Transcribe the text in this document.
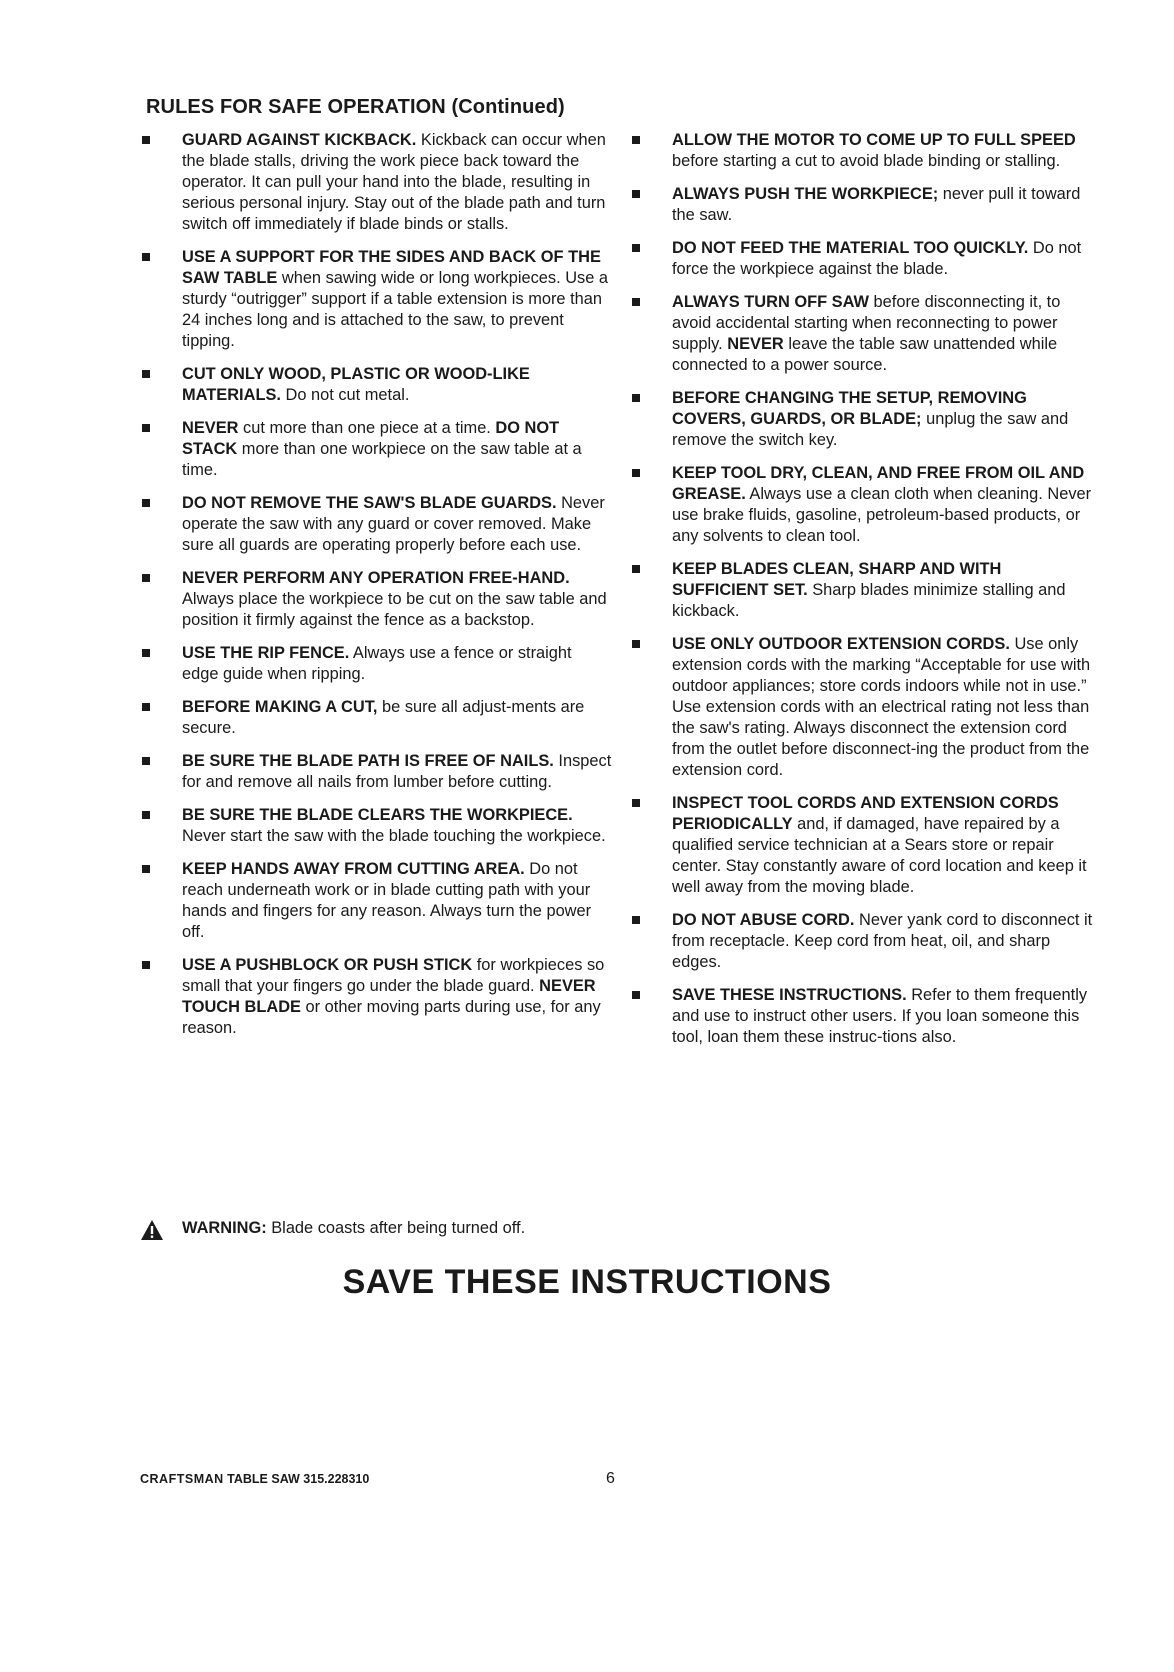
RULES FOR SAFE OPERATION (Continued)

GUARD AGAINST KICKBACK. Kickback can occur when the blade stalls, driving the work piece back toward the operator. It can pull your hand into the blade, resulting in serious personal injury. Stay out of the blade path and turn switch off immediately if blade binds or stalls.

USE A SUPPORT FOR THE SIDES AND BACK OF THE SAW TABLE when sawing wide or long workpieces. Use a sturdy “outrigger” support if a table extension is more than 24 inches long and is attached to the saw, to prevent tipping.

CUT ONLY WOOD, PLASTIC OR WOOD-LIKE MATERIALS. Do not cut metal.

NEVER cut more than one piece at a time. DO NOT STACK more than one workpiece on the saw table at a time.

DO NOT REMOVE THE SAW'S BLADE GUARDS. Never operate the saw with any guard or cover removed. Make sure all guards are operating properly before each use.

NEVER PERFORM ANY OPERATION FREE-HAND. Always place the workpiece to be cut on the saw table and position it firmly against the fence as a backstop.

USE THE RIP FENCE. Always use a fence or straight edge guide when ripping.

BEFORE MAKING A CUT, be sure all adjust-ments are secure.

BE SURE THE BLADE PATH IS FREE OF NAILS. Inspect for and remove all nails from lumber before cutting.

BE SURE THE BLADE CLEARS THE WORKPIECE. Never start the saw with the blade touching the workpiece.

KEEP HANDS AWAY FROM CUTTING AREA. Do not reach underneath work or in blade cutting path with your hands and fingers for any reason. Always turn the power off.

USE A PUSHBLOCK OR PUSH STICK for workpieces so small that your fingers go under the blade guard. NEVER TOUCH BLADE or other moving parts during use, for any reason.

ALLOW THE MOTOR TO COME UP TO FULL SPEED before starting a cut to avoid blade binding or stalling.

ALWAYS PUSH THE WORKPIECE; never pull it toward the saw.

DO NOT FEED THE MATERIAL TOO QUICKLY. Do not force the workpiece against the blade.

ALWAYS TURN OFF SAW before disconnecting it, to avoid accidental starting when reconnecting to power supply. NEVER leave the table saw unattended while connected to a power source.

BEFORE CHANGING THE SETUP, REMOVING COVERS, GUARDS, OR BLADE; unplug the saw and remove the switch key.

KEEP TOOL DRY, CLEAN, AND FREE FROM OIL AND GREASE. Always use a clean cloth when cleaning. Never use brake fluids, gasoline, petroleum-based products, or any solvents to clean tool.

KEEP BLADES CLEAN, SHARP AND WITH SUFFICIENT SET. Sharp blades minimize stalling and kickback.

USE ONLY OUTDOOR EXTENSION CORDS. Use only extension cords with the marking “Acceptable for use with outdoor appliances; store cords indoors while not in use.” Use extension cords with an electrical rating not less than the saw's rating. Always disconnect the extension cord from the outlet before disconnect-ing the product from the extension cord.

INSPECT TOOL CORDS AND EXTENSION CORDS PERIODICALLY and, if damaged, have repaired by a qualified service technician at a Sears store or repair center. Stay constantly aware of cord location and keep it well away from the moving blade.

DO NOT ABUSE CORD. Never yank cord to disconnect it from receptacle. Keep cord from heat, oil, and sharp edges.

SAVE THESE INSTRUCTIONS. Refer to them frequently and use to instruct other users. If you loan someone this tool, loan them these instruc-tions also.

WARNING: Blade coasts after being turned off.
SAVE THESE INSTRUCTIONS
CRAFTSMAN TABLE SAW 315.228310	6
